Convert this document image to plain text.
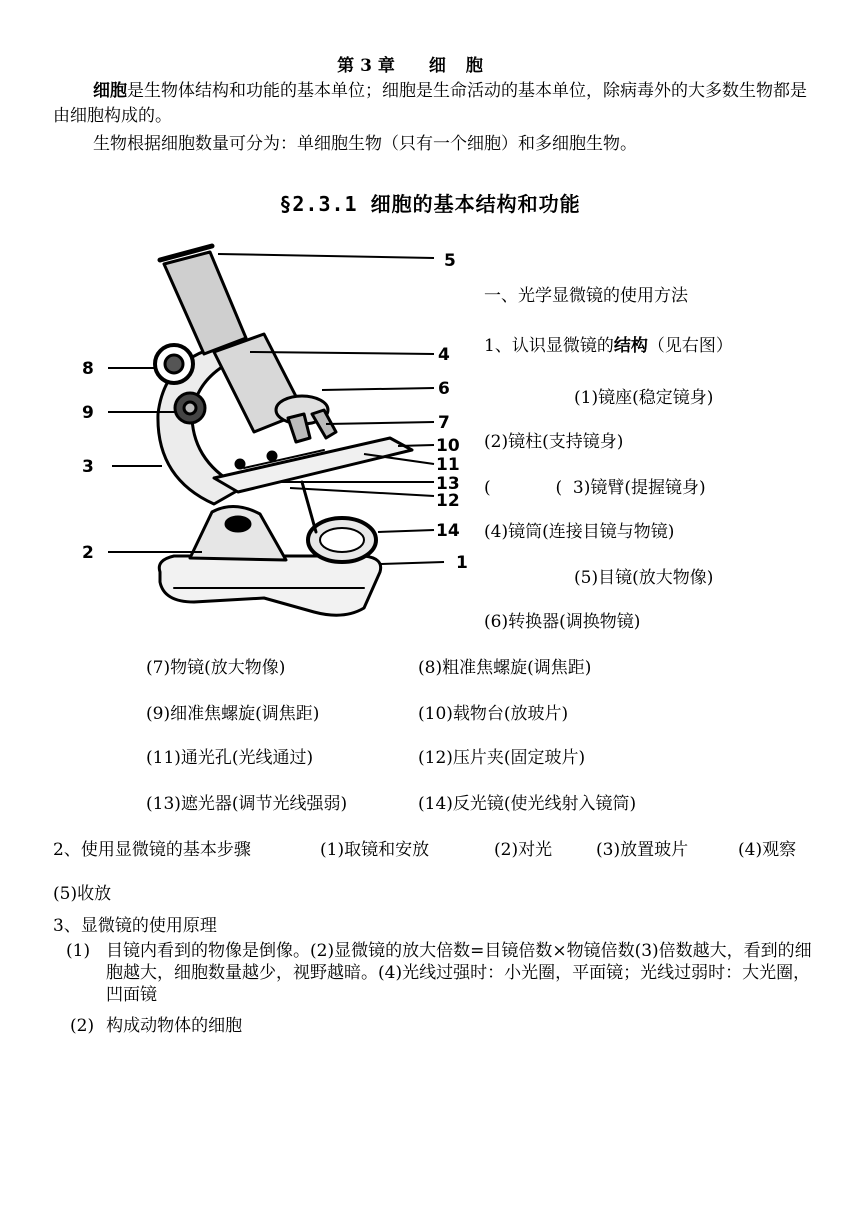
第 3 章 细 胞
细胞是生物体结构和功能的基本单位；细胞是生命活动的基本单位，除病毒外的大多数生物都是由细胞构成的。
生物根据细胞数量可分为：单细胞生物（只有一个细胞）和多细胞生物。
§2.3.1 细胞的基本结构和功能
5
4
6
7
8
9
3
10
11
13
12
14
2	1
一、光学显微镜的使用方法
1、认识显微镜的结构（见右图）
(1)镜座(稳定镜身)
(2)镜柱(支持镜身)
(            (  3)镜臂(提握镜身)
(4)镜筒(连接目镜与物镜)
(5)目镜(放大物像)
(6)转换器(调换物镜)
(7)物镜(放大物像)	(8)粗准焦螺旋(调焦距)
(9)细准焦螺旋(调焦距)	(10)载物台(放玻片)
(11)通光孔(光线通过)	(12)压片夹(固定玻片)
(13)遮光器(调节光线强弱)	(14)反光镜(使光线射入镜筒)
2、使用显微镜的基本步骤	(1)取镜和安放	(2)对光	(3)放置玻片	(4)观察
(5)收放
3、显微镜的使用原理
(1) 目镜内看到的物像是倒像。(2)显微镜的放大倍数=目镜倍数×物镜倍数(3)倍数越大，看到的细胞越大，细胞数量越少，视野越暗。(4)光线过强时：小光圈，平面镜；光线过弱时：大光圈，凹面镜
(2) 构成动物体的细胞
